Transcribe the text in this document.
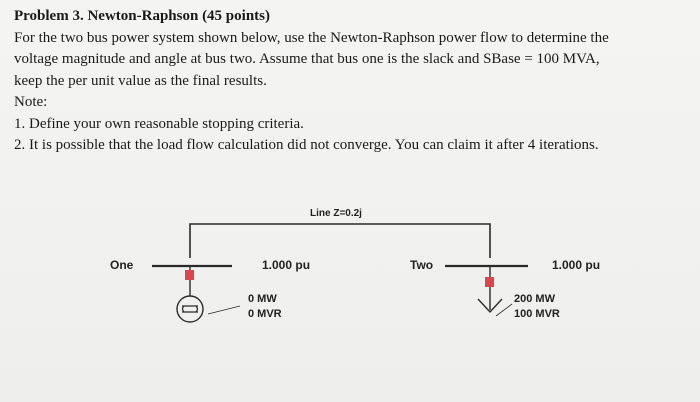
Problem 3. Newton-Raphson (45 points)

For the two bus power system shown below, use the Newton-Raphson power flow to determine the

voltage magnitude and angle at bus two. Assume that bus one is the slack and SBase = 100 MVA,

keep the per unit value as the final results.

Note:

1. Define your own reasonable stopping criteria.

2. It is possible that the load flow calculation did not converge. You can claim it after 4 iterations.

Line Z=0.2j
One	1.000 pu
0 MW
0 MVR
Two	1.000 pu
200 MW
100 MVR
